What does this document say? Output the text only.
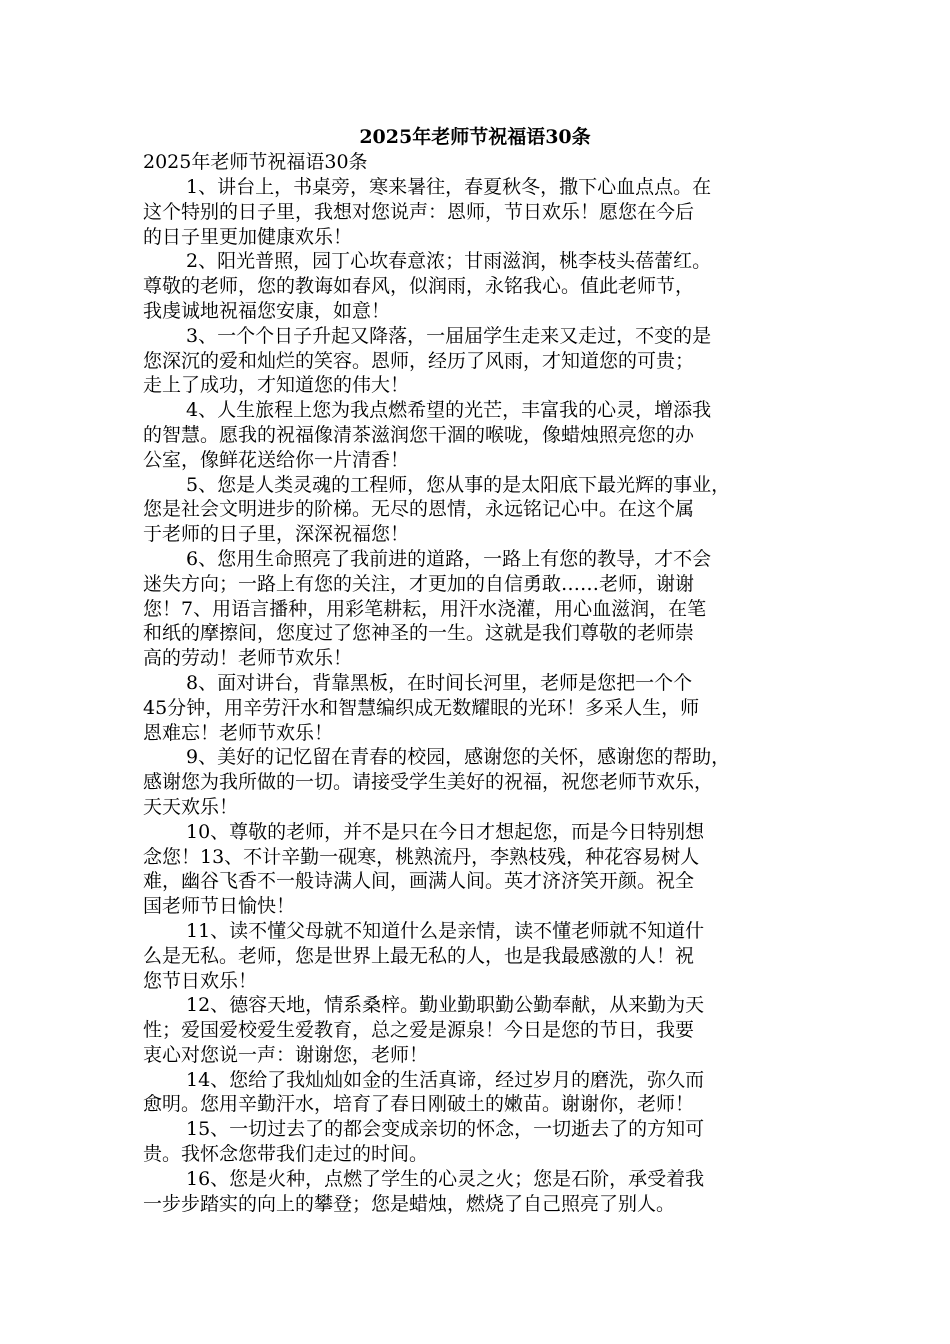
2025年老师节祝福语30条

2025年老师节祝福语30条

1、讲台上，书桌旁，寒来暑往，春夏秋冬，撒下心血点点。在
这个特别的日子里，我想对您说声：恩师，节日欢乐！愿您在今后
的日子里更加健康欢乐！

2、阳光普照，园丁心坎春意浓；甘雨滋润，桃李枝头蓓蕾红。
尊敬的老师，您的教诲如春风，似润雨，永铭我心。值此老师节，
我虔诚地祝福您安康，如意！

3、一个个日子升起又降落，一届届学生走来又走过，不变的是
您深沉的爱和灿烂的笑容。恩师，经历了风雨，才知道您的可贵；
走上了成功，才知道您的伟大！

4、人生旅程上您为我点燃希望的光芒，丰富我的心灵，增添我
的智慧。愿我的祝福像清茶滋润您干涸的喉咙，像蜡烛照亮您的办
公室，像鲜花送给你一片清香！

5、您是人类灵魂的工程师，您从事的是太阳底下最光辉的事业，
您是社会文明进步的阶梯。无尽的恩情，永远铭记心中。在这个属
于老师的日子里，深深祝福您！

6、您用生命照亮了我前进的道路，一路上有您的教导，才不会
迷失方向；一路上有您的关注，才更加的自信勇敢……老师，谢谢
您！7、用语言播种，用彩笔耕耘，用汗水浇灌，用心血滋润，在笔
和纸的摩擦间，您度过了您神圣的一生。这就是我们尊敬的老师崇
高的劳动！老师节欢乐！

8、面对讲台，背靠黑板，在时间长河里，老师是您把一个个
45分钟，用辛劳汗水和智慧编织成无数耀眼的光环！多采人生，师
恩难忘！老师节欢乐！

9、美好的记忆留在青春的校园，感谢您的关怀，感谢您的帮助，
感谢您为我所做的一切。请接受学生美好的祝福，祝您老师节欢乐，
天天欢乐！

10、尊敬的老师，并不是只在今日才想起您，而是今日特别想
念您！13、不计辛勤一砚寒，桃熟流丹，李熟枝残，种花容易树人
难，幽谷飞香不一般诗满人间，画满人间。英才济济笑开颜。祝全
国老师节日愉快！

11、读不懂父母就不知道什么是亲情，读不懂老师就不知道什
么是无私。老师，您是世界上最无私的人，也是我最感激的人！祝
您节日欢乐！

12、德容天地，情系桑梓。勤业勤职勤公勤奉献，从来勤为天
性；爱国爱校爱生爱教育，总之爱是源泉！今日是您的节日，我要
衷心对您说一声：谢谢您，老师！

14、您给了我灿灿如金的生活真谛，经过岁月的磨洗，弥久而
愈明。您用辛勤汗水，培育了春日刚破土的嫩苗。谢谢你，老师！

15、一切过去了的都会变成亲切的怀念，一切逝去了的方知可
贵。我怀念您带我们走过的时间。

16、您是火种，点燃了学生的心灵之火；您是石阶，承受着我
一步步踏实的向上的攀登；您是蜡烛，燃烧了自己照亮了别人。
